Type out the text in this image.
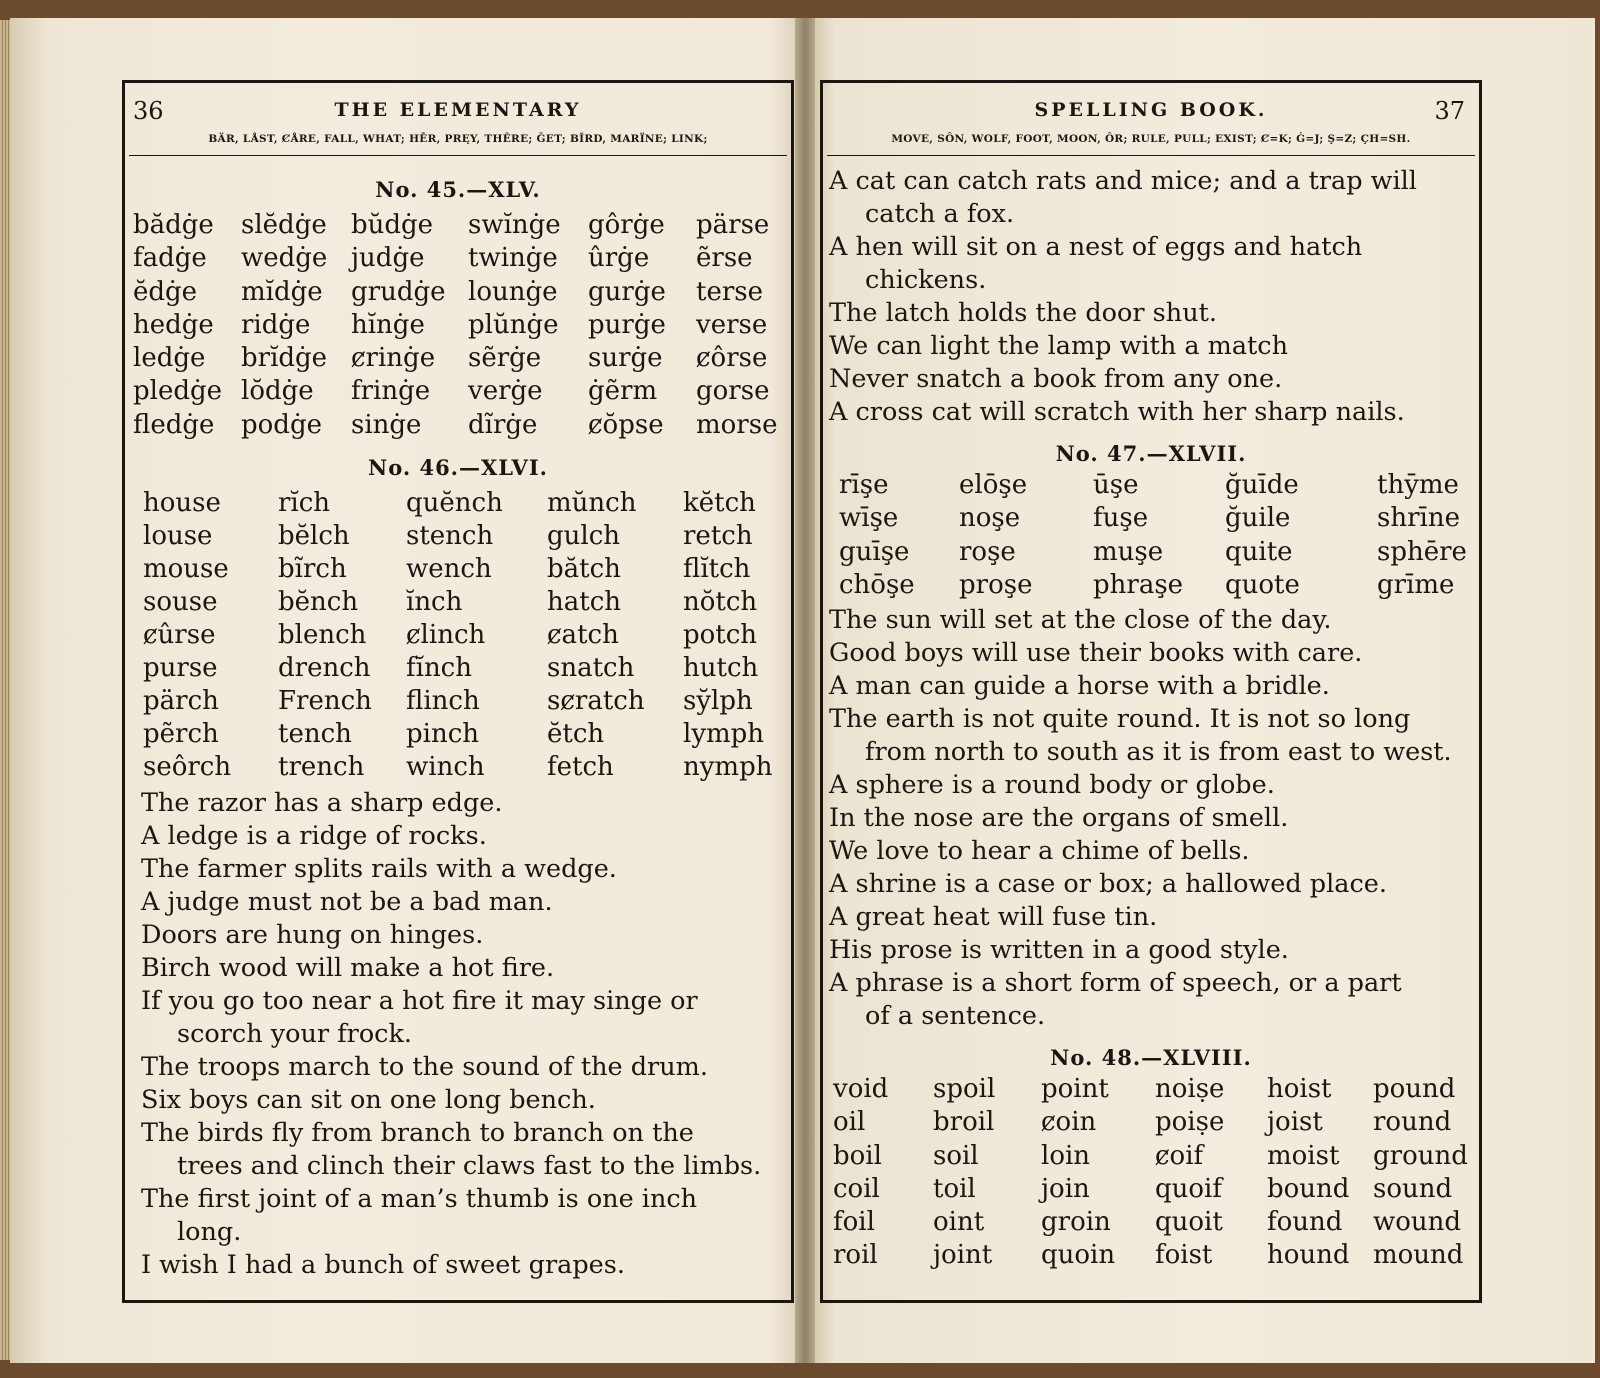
36	THE ELEMENTARY
BÄR, LÅST, ȻÅRE, FALL, WHAT; HĒR, PRĘY, THÊRE; ĞET; BĬRD, MARÏNE; LINK;
No. 45.—XLV.
bădġe
fadġe
ĕdġe
hedġe
ledġe
pledġe
fledġe
slĕdġe
wedġe
mĭdġe
ridġe
brĭdġe
lŏdġe
podġe
bŭdġe
judġe
grudġe
hĭnġe
ȼrinġe
frinġe
sinġe
swĭnġe
twinġe
lounġe
plŭnġe
sẽrġe
verġe
dĩrġe
gôrġe
ûrġe
gurġe
purġe
surġe
ġẽrm
ȼŏpse
pärse
ẽrse
terse
verse
ȼôrse
gorse
morse
No. 46.—XLVI.
house
louse
mouse
souse
ȼûrse
purse
pärch
pẽrch
seôrch
rĭch
bĕlch
bĩrch
bĕnch
blench
drench
French
tench
trench
quĕnch
stench
wench
ĭnch
ȼlinch
fĭnch
flinch
pinch
winch
mŭnch
gulch
bătch
hatch
ȼatch
snatch
sȼratch
ĕtch
fetch
kĕtch
retch
flĭtch
nŏtch
potch
hutch
sy̆lph
lymph
nymph
The razor has a sharp edge.
A ledge is a ridge of rocks.
The farmer splits rails with a wedge.
A judge must not be a bad man.
Doors are hung on hinges.
Birch wood will make a hot fire.
If you go too near a hot fire it may singe or
scorch your frock.
The troops march to the sound of the drum.
Six boys can sit on one long bench.
The birds fly from branch to branch on the
trees and clinch their claws fast to the limbs.
The first joint of a man’s thumb is one inch
long.
I wish I had a bunch of sweet grapes.
SPELLING BOOK.	37
MOVE, SÔN, WOLF, FOOT, MOON, ÔR; RULE, PULL; EXIST; Ȼ=K; Ġ=J; Ş=Z; ÇH=SH.
A cat can catch rats and mice; and a trap will
catch a fox.
A hen will sit on a nest of eggs and hatch
chickens.
The latch holds the door shut.
We can light the lamp with a match
Never snatch a book from any one.
A cross cat will scratch with her sharp nails.
No. 47.—XLVII.
rīşe
wīşe
guīşe
chōşe
elōşe
noşe
roşe
proşe
ūşe
fuşe
muşe
phraşe
ğuīde
ğuile
quite
quote
thȳme
shrīne
sphēre
grīme
The sun will set at the close of the day.
Good boys will use their books with care.
A man can guide a horse with a bridle.
The earth is not quite round. It is not so long
from north to south as it is from east to west.
A sphere is a round body or globe.
In the nose are the organs of smell.
We love to hear a chime of bells.
A shrine is a case or box; a hallowed place.
A great heat will fuse tin.
His prose is written in a good style.
A phrase is a short form of speech, or a part
of a sentence.
No. 48.—XLVIII.
void
oil
boil
coil
foil
roil
spoil
broil
soil
toil
oint
joint
point
ȼoin
loin
join
groin
quoin
noiṣe
poiṣe
ȼoif
quoif
quoit
foist
hoist
joist
moist
bound
found
hound
pound
round
ground
sound
wound
mound
